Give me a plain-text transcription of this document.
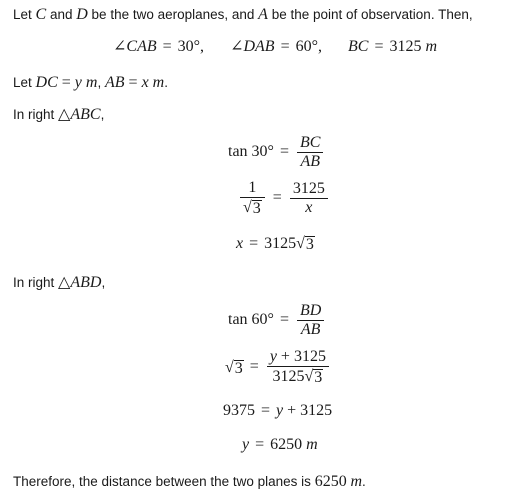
Let C and D be the two aeroplanes, and A be the point of observation. Then,
∠CAB = 30°, ∠DAB = 60°, BC = 3125 m
Let DC = y m, AB = x m.
In right △ABC,
$\tan 30^\circ = \frac{BC}{AB}$
$\frac{1}{√ 3} = \frac{3125}{x}$
x = 3125 √ 3
In right △ABD,
$\tan 60^\circ = \frac{BD}{AB}$
√ $3 = \frac{y + 3125}{3125 √ 3}$
9375 = y + 3125
y = 6250 m
Therefore, the distance between the two planes is 6250 m.
